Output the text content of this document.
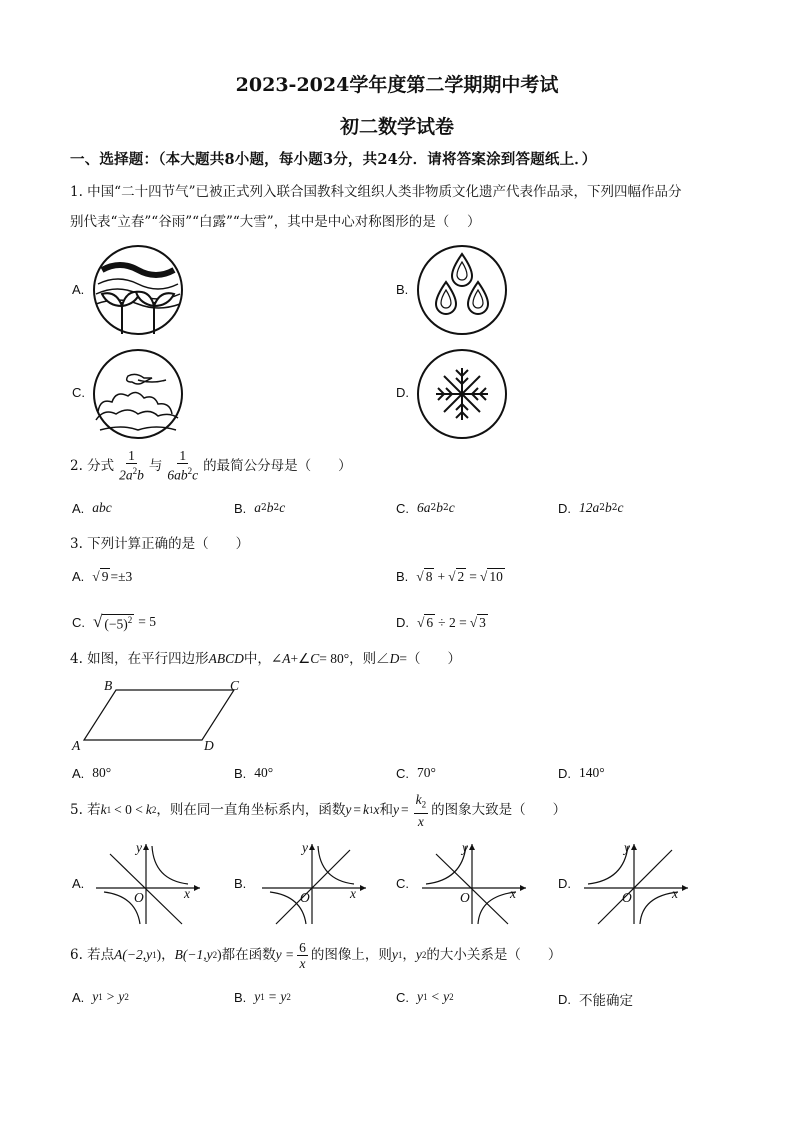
2023-2024学年度第二学期期中考试
初二数学试卷
一、选择题：（本大题共8小题，每小题3分，共24分．请将答案涂到答题纸上．）
1. 中国“二十四节气”已被正式列入联合国教科文组织人类非物质文化遗产代表作品录，下列四幅作品分
别代表“立春”“谷雨”“白露”“大雪”，其中是中心对称图形的是（　 ）
A.	B.
C.	D.
2. 分式 $\frac{1}{2a^2b}$ 与 $\frac{1}{6ab^2c}$ 的最简公分母是（　　）
A. abc	B. a 2 b 2 c	C. 6a 2 b 2 c	D. 12a 2 b 2 c
3. 下列计算正确的是（　　）
A. √ 9 =±3	B. √ 8 + √ 2 = √ 10
C. √ $(-5)^2 = 5$	D. √ 6 ÷ 2 = √ 3
4. 如图，在平行四边形ABCD中，∠A+∠C= 80°，则∠D=（　　）
B	C
A	D
A. 80°	B. 40°	C. 70°	D. 140°
5. 若 k 1 < 0 < k 2 ，则在同一直角坐标系内，函数 y = k 1 x 和 $y = \frac{k_2}{x}$ 的图象大致是（　　）
A.
y
x
O
B.
y
x
O
C.
y
x
O
D.
y
x
O
6. 若点 A(−2, y 1 )， B(−1, y 2 ) 都在函数 $y = \frac{6}{x}$ 的图像上，则 y 1 ， y 2 的大小关系是（　　）
A. y 1 > y 2	B. y 1 = y 2	C. y 1 < y 2	D. 不能确定
